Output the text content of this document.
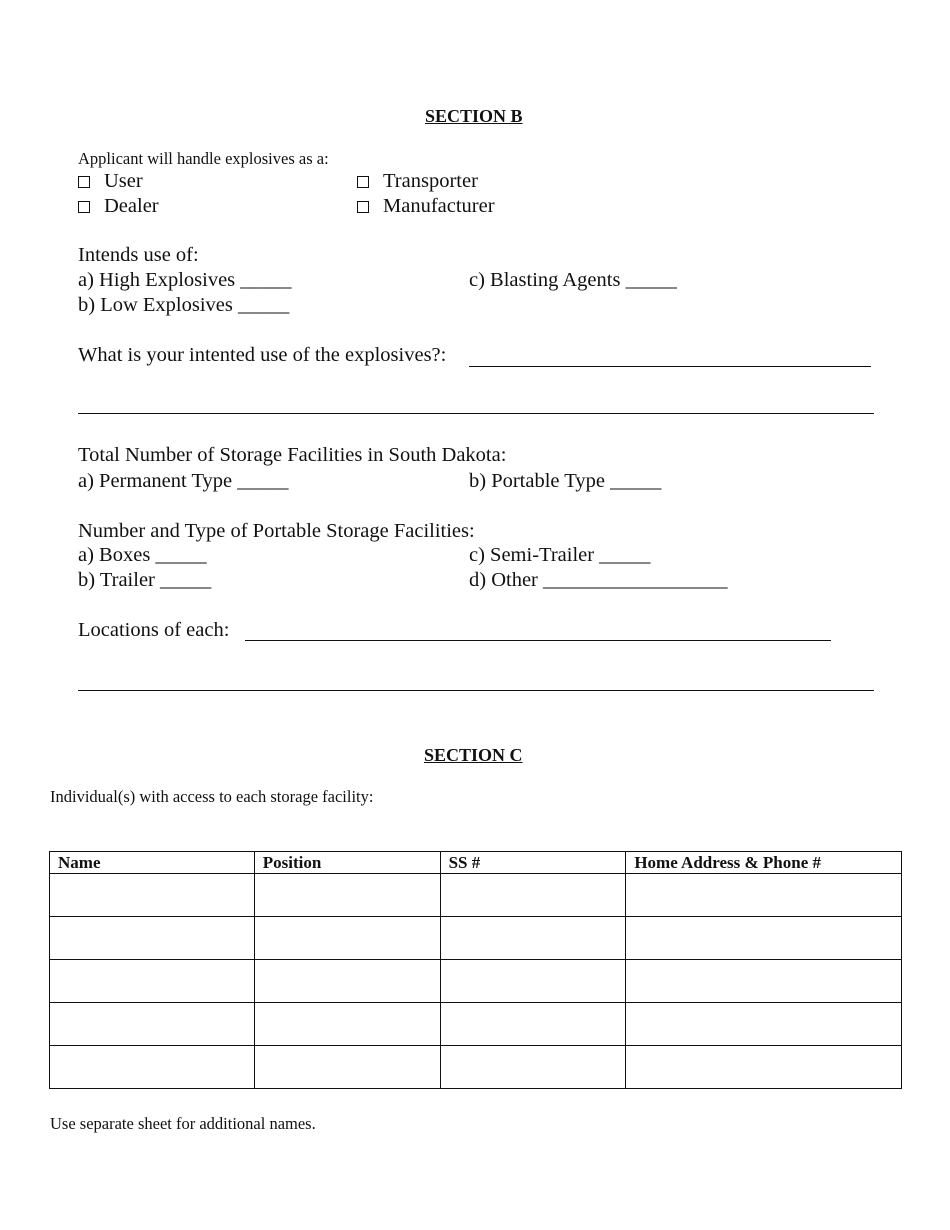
SECTION B
Applicant will handle explosives as a:
User	Transporter
Dealer	Manufacturer
Intends use of:
a) High Explosives _____	c) Blasting Agents _____
b) Low Explosives _____
What is your intented use of the explosives?:
Total Number of Storage Facilities in South Dakota:
a) Permanent Type _____	b) Portable Type _____
Number and Type of Portable Storage Facilities:
a) Boxes _____	c) Semi-Trailer _____
b) Trailer _____	d) Other __________________
Locations of each:
SECTION C
Individual(s) with access to each storage facility:
Name	Position	SS #	Home Address & Phone #

Use separate sheet for additional names.
